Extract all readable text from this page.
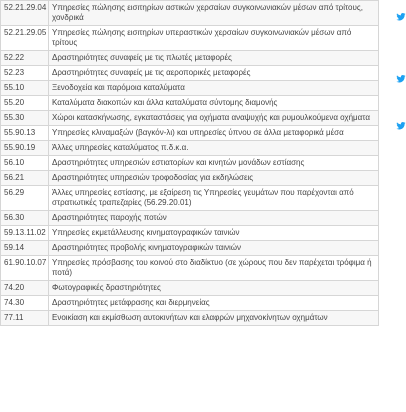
52.21.29.04	Υπηρεσίες πώλησης εισιτηρίων αστικών χερσαίων συγκοινωνιακών μέσων από τρίτους, χονδρικά
52.21.29.05	Υπηρεσίες πώλησης εισιτηρίων υπεραστικών χερσαίων συγκοινωνιακών μέσων από τρίτους
52.22	Δραστηριότητες συναφείς με τις πλωτές μεταφορές
52.23	Δραστηριότητες συναφείς με τις αεροπορικές μεταφορές
55.10	Ξενοδοχεία και παρόμοια καταλύματα
55.20	Καταλύματα διακοπών και άλλα καταλύματα σύντομης διαμονής
55.30	Χώροι κατασκήνωσης, εγκαταστάσεις για οχήματα αναψυχής και ρυμουλκούμενα οχήματα
55.90.13	Υπηρεσίες κλιναμαξών (βαγκόν-λι) και υπηρεσίες ύπνου σε άλλα μεταφορικά μέσα
55.90.19	Άλλες υπηρεσίες καταλύματος π.δ.κ.α.
56.10	Δραστηριότητες υπηρεσιών εστιατορίων και κινητών μονάδων εστίασης
56.21	Δραστηριότητες υπηρεσιών τροφοδοσίας για εκδηλώσεις
56.29	Άλλες υπηρεσίες εστίασης, με εξαίρεση τις Υπηρεσίες γευμάτων που παρέχονται από στρατιωτικές τραπεζαρίες (56.29.20.01)
56.30	Δραστηριότητες παροχής ποτών
59.13.11.02	Υπηρεσίες εκμετάλλευσης κινηματογραφικών ταινιών
59.14	Δραστηριότητες προβολής κινηματογραφικών ταινιών
61.90.10.07	Υπηρεσίες πρόσβασης του κοινού στο διαδίκτυο (σε χώρους που δεν παρέχεται τρόφιμα ή ποτά)
74.20	Φωτογραφικές δραστηριότητες
74.30	Δραστηριότητες μετάφρασης και διερμηνείας
77.11	Ενοικίαση και εκμίσθωση αυτοκινήτων και ελαφρών μηχανοκίνητων οχημάτων
